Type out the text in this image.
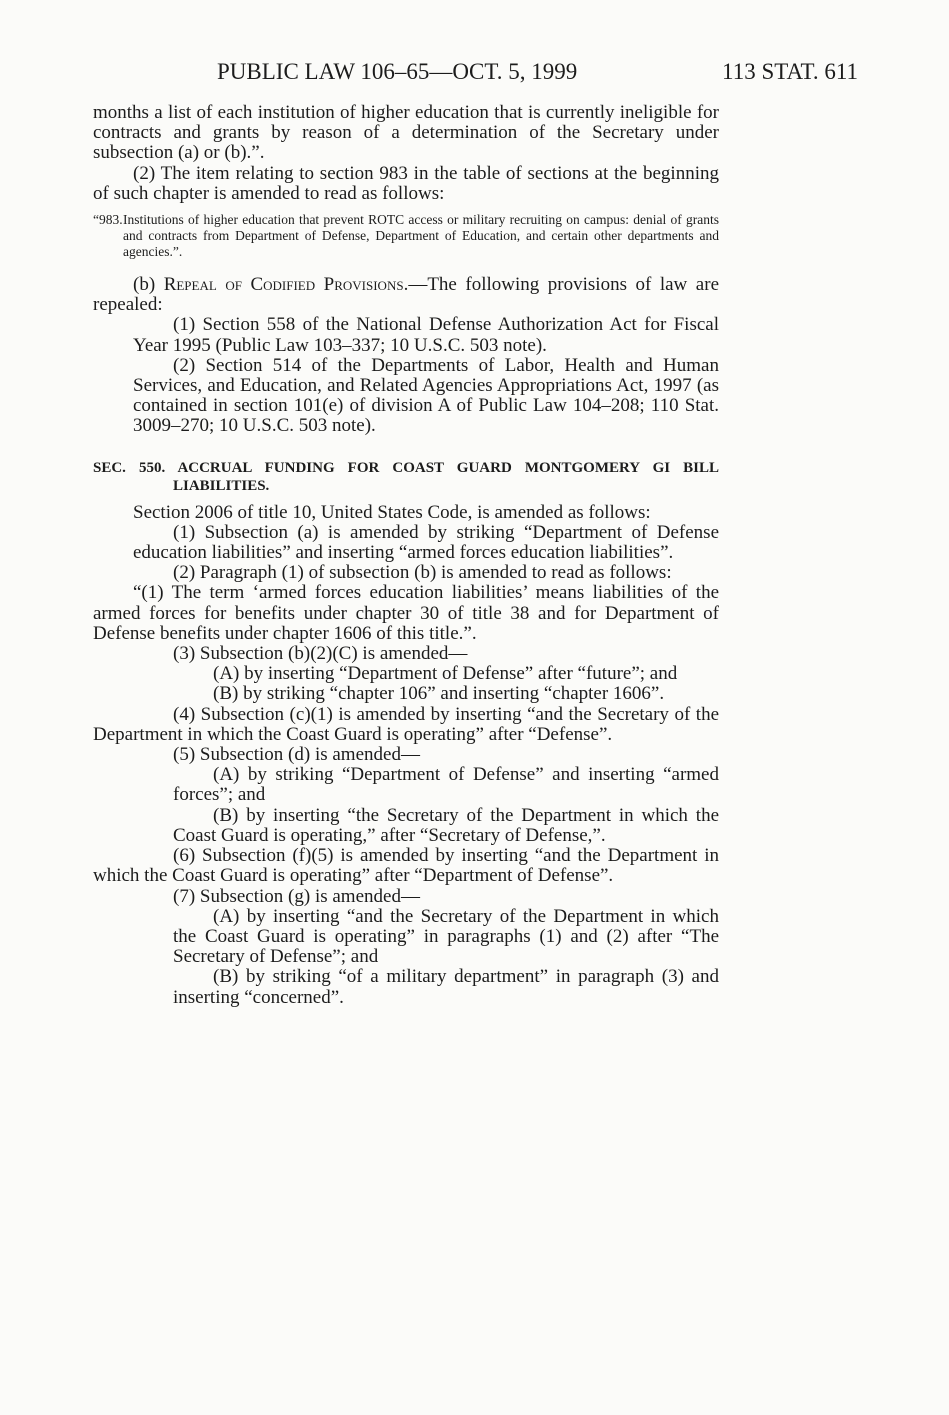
PUBLIC LAW 106–65—OCT. 5, 1999	113 STAT. 611

months a list of each institution of higher education that is currently ineligible for contracts and grants by reason of a determination of the Secretary under subsection (a) or (b).”.

(2) The item relating to section 983 in the table of sections at the beginning of such chapter is amended to read as follows:

“983.Institutions of higher education that prevent ROTC access or military recruiting on campus: denial of grants and contracts from Department of Defense, Department of Education, and certain other departments and agencies.”.

(b) Repeal of Codified Provisions.—The following provisions of law are repealed:

(1) Section 558 of the National Defense Authorization Act for Fiscal Year 1995 (Public Law 103–337; 10 U.S.C. 503 note).

(2) Section 514 of the Departments of Labor, Health and Human Services, and Education, and Related Agencies Appropriations Act, 1997 (as contained in section 101(e) of division A of Public Law 104–208; 110 Stat. 3009–270; 10 U.S.C. 503 note).

SEC. 550. ACCRUAL FUNDING FOR COAST GUARD MONTGOMERY GI BILL LIABILITIES.

Section 2006 of title 10, United States Code, is amended as follows:

(1) Subsection (a) is amended by striking “Department of Defense education liabilities” and inserting “armed forces education liabilities”.

(2) Paragraph (1) of subsection (b) is amended to read as follows:

“(1) The term ‘armed forces education liabilities’ means liabilities of the armed forces for benefits under chapter 30 of title 38 and for Department of Defense benefits under chapter 1606 of this title.”.

(3) Subsection (b)(2)(C) is amended—

(A) by inserting “Department of Defense” after “future”; and

(B) by striking “chapter 106” and inserting “chapter 1606”.

(4) Subsection (c)(1) is amended by inserting “and the Secretary of the Department in which the Coast Guard is operating” after “Defense”.

(5) Subsection (d) is amended—

(A) by striking “Department of Defense” and inserting “armed forces”; and

(B) by inserting “the Secretary of the Department in which the Coast Guard is operating,” after “Secretary of Defense,”.

(6) Subsection (f)(5) is amended by inserting “and the Department in which the Coast Guard is operating” after “Department of Defense”.

(7) Subsection (g) is amended—

(A) by inserting “and the Secretary of the Department in which the Coast Guard is operating” in paragraphs (1) and (2) after “The Secretary of Defense”; and

(B) by striking “of a military department” in paragraph (3) and inserting “concerned”.
